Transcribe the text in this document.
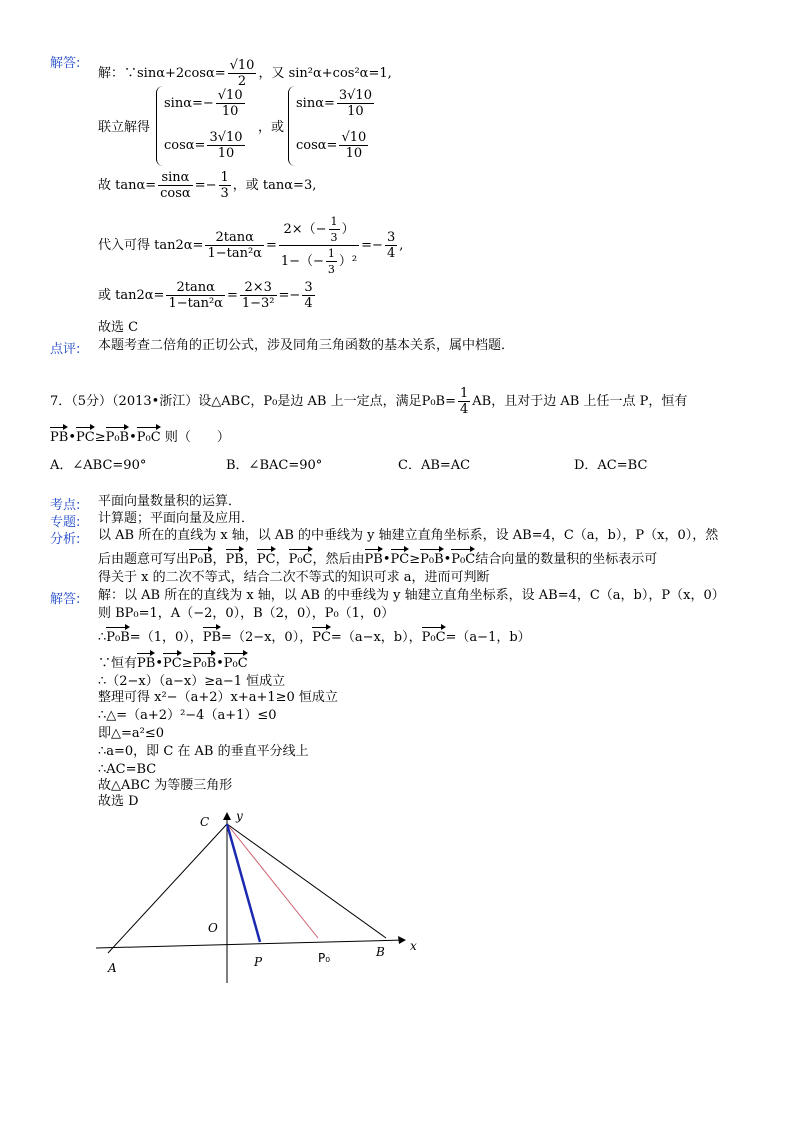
解答:
解：∵sinα+2cosα= $\frac{√10}{2}$ ，又 sin²α+cos²α=1,
联立解得
$\sin\alpha=- \frac{√10}{10}$
$\cos\alpha= \frac{3√10}{10}$
，或
$\sin\alpha= \frac{3√10}{10}$
$\cos\alpha= \frac{√10}{10}$
故 $\tan\alpha= \frac{\sin\alpha}{\cos\alpha} =- \frac{1}{3}$ ，或 tanα=3,
代入可得 $\tan 2\alpha= \frac{2\tan\alpha}{\text{1−tan²α}} = \frac{2\times(- \frac{1}{3} )}{1-(- \frac{1}{3} )^2} =- \frac{3}{4}$ ,
或 $\tan 2\alpha= \frac{2\tan\alpha}{\text{1−tan²α}} = \frac{2\times 3}{\text{1−3²}} =- \frac{3}{4}$
故选 C
点评: 本题考查二倍角的正切公式，涉及同角三角函数的基本关系，属中档题．
7．（5分）（2013•浙江）设△ABC，P₀是边 AB 上一定点，满足$P_0B= \frac{1}{4}$ AB，且对于边 AB 上任一点 P，恒有
PB•PC≥P₀B•P₀C 则（　　）
A．∠ABC=90°	B．∠BAC=90°	C．AB=AC	D．AC=BC
考点: 平面向量数量积的运算．
专题: 计算题；平面向量及应用．
分析: 以 AB 所在的直线为 x 轴，以 AB 的中垂线为 y 轴建立直角坐标系，设 AB=4，C（a，b），P（x，0），然
后由题意可写出P₀B，PB，PC，P₀C，然后由PB•PC≥P₀B•P₀C结合向量的数量积的坐标表示可
得关于 x 的二次不等式，结合二次不等式的知识可求 a，进而可判断
解答: 解：以 AB 所在的直线为 x 轴，以 AB 的中垂线为 y 轴建立直角坐标系，设 AB=4，C（a，b），P（x，0）
则 BP₀=1，A（−2，0），B（2，0），P₀（1，0）
∴P₀B=（1，0），PB=（2−x，0），PC=（a−x，b），P₀C=（a−1，b）
∵恒有PB•PC≥P₀B•P₀C
∴（2−x）（a−x）≥a−1 恒成立
整理可得 x²−（a+2）x+a+1≥0 恒成立
∴△=（a+2）²−4（a+1）≤0
即△=a²≤0
∴a=0，即 C 在 AB 的垂直平分线上
∴AC=BC
故△ABC 为等腰三角形
故选 D
C y
O
x
A	P	P₀	B
